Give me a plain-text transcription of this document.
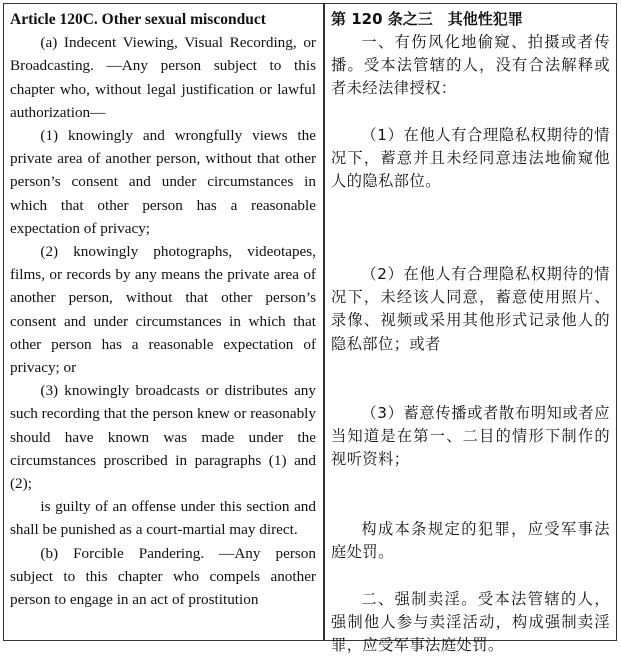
Article 120C. Other sexual misconduct

(a) Indecent Viewing, Visual Recording, or Broadcasting. —Any person subject to this chapter who, without legal justification or lawful authorization—

(1) knowingly and wrongfully views the private area of another person, without that other person’s consent and under circumstances in which that other person has a reasonable expectation of privacy;

(2) knowingly photographs, videotapes, films, or records by any means the private area of another person, without that other person’s consent and under circumstances in which that other person has a reasonable expectation of privacy; or

(3) knowingly broadcasts or distributes any such recording that the person knew or reasonably should have known was made under the circumstances proscribed in paragraphs (1) and (2);

is guilty of an offense under this section and shall be punished as a court-martial may direct.

(b) Forcible Pandering. —Any person subject to this chapter who compels another person to engage in an act of prostitution

第 120 条之三　其他性犯罪

一、有伤风化地偷窥、拍摄或者传播。受本法管辖的人，没有合法解释或者未经法律授权：

（1）在他人有合理隐私权期待的情况下，蓄意并且未经同意违法地偷窥他人的隐私部位。

（2）在他人有合理隐私权期待的情况下，未经该人同意，蓄意使用照片、录像、视频或采用其他形式记录他人的隐私部位；或者

（3）蓄意传播或者散布明知或者应当知道是在第一、二目的情形下制作的视听资料；

构成本条规定的犯罪，应受军事法庭处罚。

二、强制卖淫。受本法管辖的人，强制他人参与卖淫活动，构成强制卖淫罪，应受军事法庭处罚。
